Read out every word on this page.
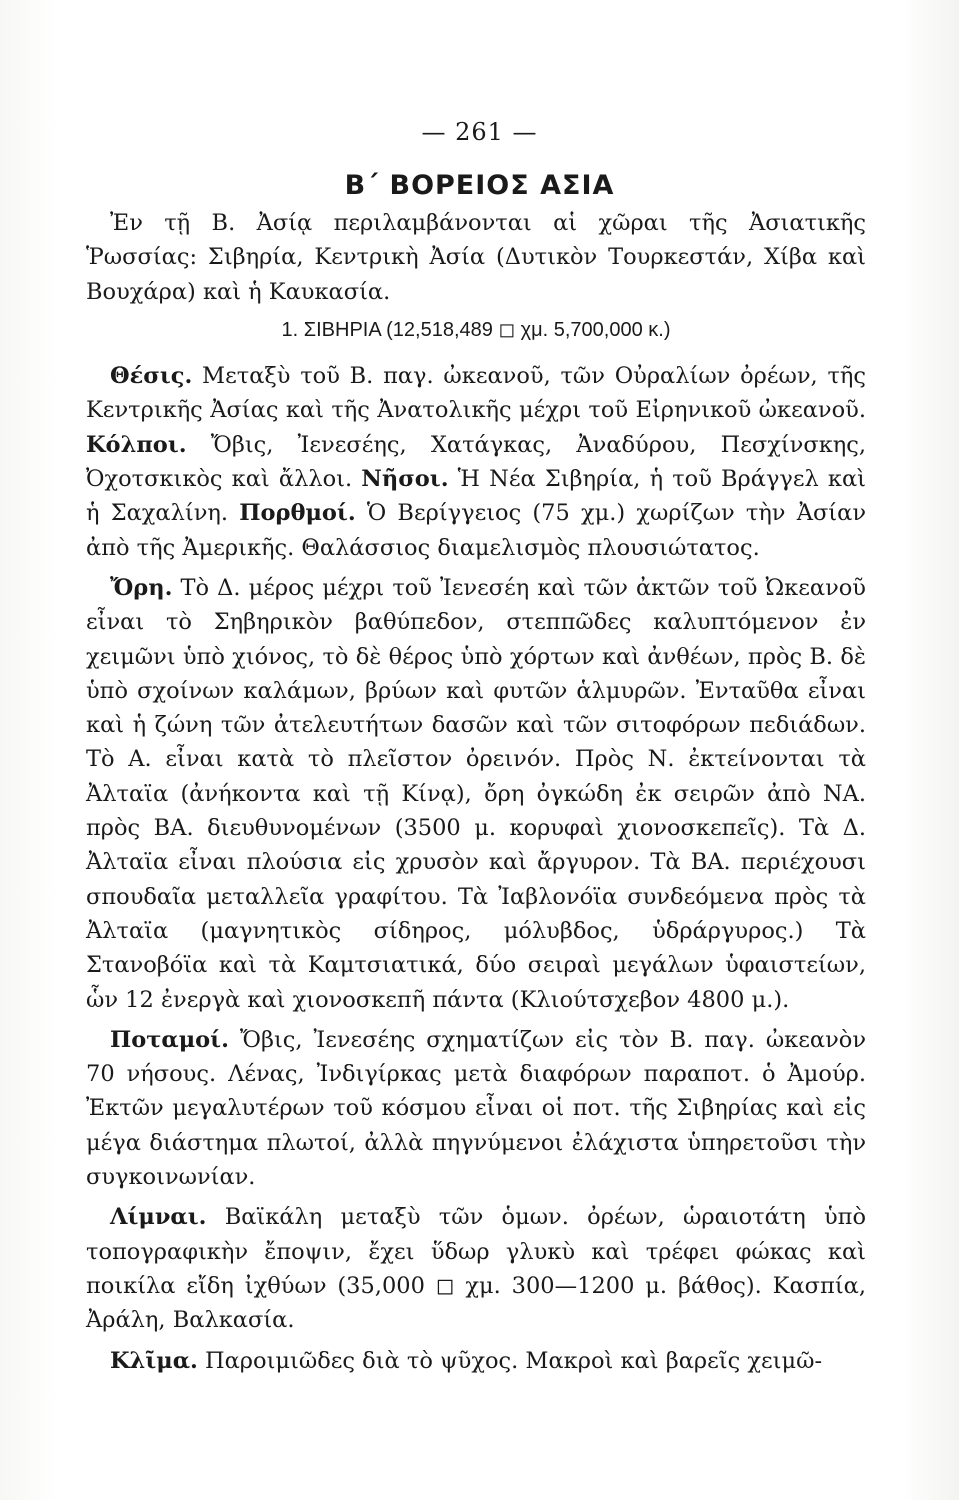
— 261 —
Β΄ ΒΟΡΕΙΟΣ ΑΣΙΑ

Ἐν τῇ Β. Ἀσίᾳ περιλαμβάνονται αἱ χῶραι τῆς Ἀσιατικῆς Ῥωσσίας: Σιβηρία, Κεντρικὴ Ἀσία (Δυτικὸν Τουρκεστάν, Χίβα καὶ Βουχάρα) καὶ ἡ Καυκασία.

1. ΣΙΒΗΡΙΑ (12,518,489 ◻ χμ. 5,700,000 κ.)

Θέσις. Μεταξὺ τοῦ Β. παγ. ὠκεανοῦ, τῶν Οὐραλίων ὀρέων, τῆς Κεντρικῆς Ἀσίας καὶ τῆς Ἀνατολικῆς μέχρι τοῦ Εἰρηνικοῦ ὠκεανοῦ. Κόλποι. Ὄβις, Ἰενεσέης, Χατάγκας, Ἀναδύρου, Πεσχίνσκης, Ὀχοτσκικὸς καὶ ἄλλοι. Νῆσοι. Ἡ Νέα Σιβηρία, ἡ τοῦ Βράγγελ καὶ ἡ Σαχαλίνη. Πορθμοί. Ὁ Βερίγγειος (75 χμ.) χωρίζων τὴν Ἀσίαν ἀπὸ τῆς Ἀμερικῆς. Θαλάσσιος διαμελισμὸς πλουσιώτατος.

Ὄρη. Τὸ Δ. μέρος μέχρι τοῦ Ἰενεσέη καὶ τῶν ἀκτῶν τοῦ Ὠκεανοῦ εἶναι τὸ Σηβηρικὸν βαθύπεδον, στεππῶδες καλυπτόμενον ἐν χειμῶνι ὑπὸ χιόνος, τὸ δὲ θέρος ὑπὸ χόρτων καὶ ἀνθέων, πρὸς Β. δὲ ὑπὸ σχοίνων καλάμων, βρύων καὶ φυτῶν ἁλμυρῶν. Ἐνταῦθα εἶναι καὶ ἡ ζώνη τῶν ἀτελευτήτων δασῶν καὶ τῶν σιτοφόρων πεδιάδων. Τὸ Α. εἶναι κατὰ τὸ πλεῖστον ὀρεινόν. Πρὸς Ν. ἐκτείνονται τὰ Ἀλταϊα (ἀνήκοντα καὶ τῇ Κίνᾳ), ὄρη ὀγκώδη ἐκ σειρῶν ἀπὸ ΝΑ. πρὸς ΒΑ. διευθυνομένων (3500 μ. κορυφαὶ χιονοσκεπεῖς). Τὰ Δ. Ἀλταϊα εἶναι πλούσια εἰς χρυσὸν καὶ ἄργυρον. Τὰ ΒΑ. περιέχουσι σπουδαῖα μεταλλεῖα γραφίτου. Τὰ Ἰαβλονόϊα συνδεόμενα πρὸς τὰ Ἀλταϊα (μαγνητικὸς σίδηρος, μόλυβδος, ὑδράργυρος.) Τὰ Στανοβόϊα καὶ τὰ Καμτσιατικά, δύο σειραὶ μεγάλων ὑφαιστείων, ὧν 12 ἐνεργὰ καὶ χιονοσκεπῆ πάντα (Κλιούτσχεβον 4800 μ.).

Ποταμοί. Ὄβις, Ἰενεσέης σχηματίζων εἰς τὸν Β. παγ. ὠκεανὸν 70 νήσους. Λένας, Ἰνδιγίρκας μετὰ διαφόρων παραποτ. ὁ Ἀμούρ. Ἐκτῶν μεγαλυτέρων τοῦ κόσμου εἶναι οἱ ποτ. τῆς Σιβηρίας καὶ εἰς μέγα διάστημα πλωτοί, ἀλλὰ πηγνύμενοι ἐλάχιστα ὑπηρετοῦσι τὴν συγκοινωνίαν.

Λίμναι. Βαϊκάλη μεταξὺ τῶν ὁμων. ὀρέων, ὡραιοτάτη ὑπὸ τοπογραφικὴν ἔποψιν, ἔχει ὕδωρ γλυκὺ καὶ τρέφει φώκας καὶ ποικίλα εἴδη ἰχθύων (35,000 ◻ χμ. 300—1200 μ. βάθος). Κασπία, Ἀράλη, Βαλκασία.

Κλῖμα. Παροιμιῶδες διὰ τὸ ψῦχος. Μακροὶ καὶ βαρεῖς χειμῶ-
